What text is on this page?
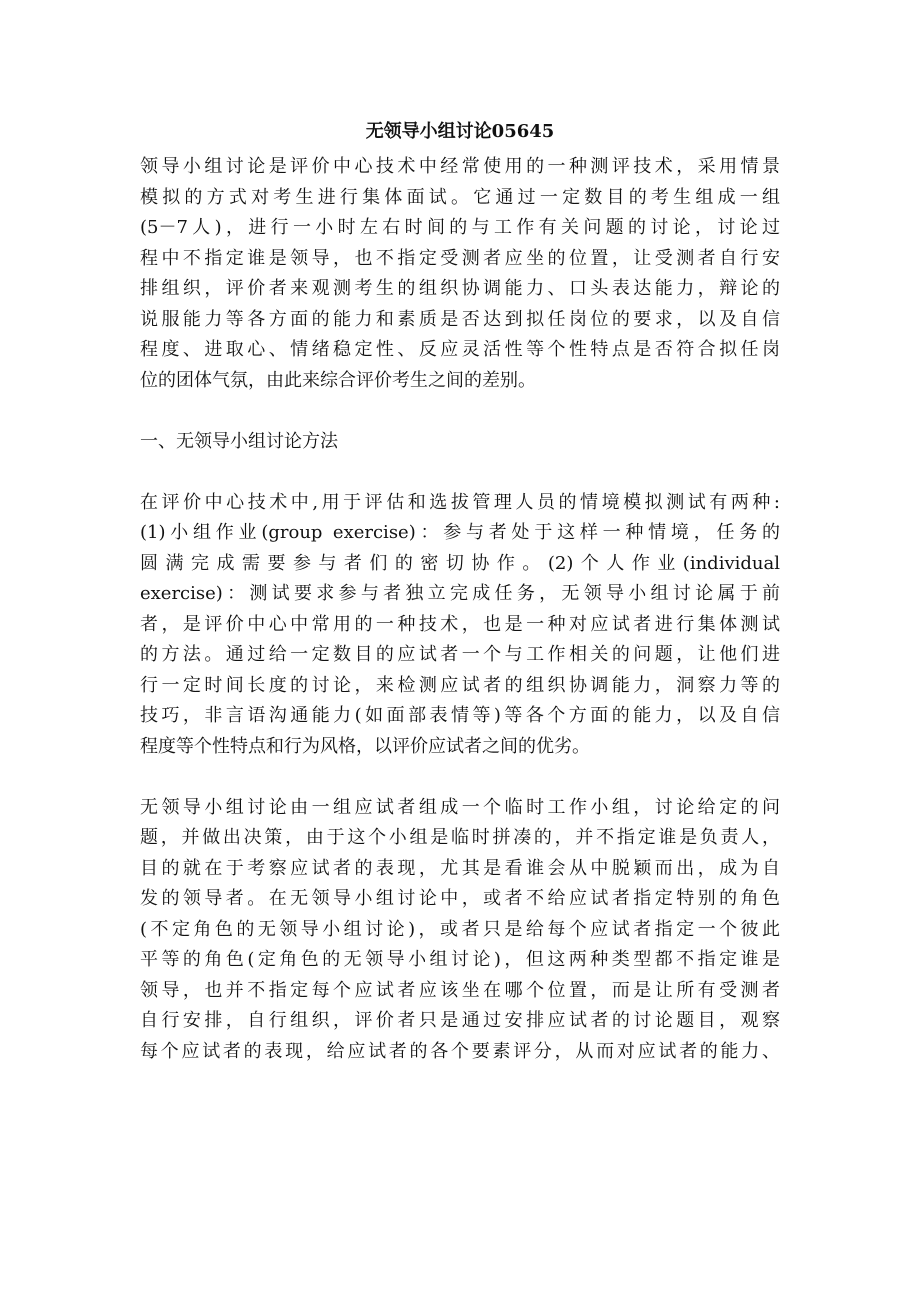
无领导小组讨论05645
领导小组讨论是评价中心技术中经常使用的一种测评技术，采用情景
模拟的方式对考生进行集体面试。它通过一定数目的考生组成一组
(5－7人)，进行一小时左右时间的与工作有关问题的讨论，讨论过
程中不指定谁是领导，也不指定受测者应坐的位置，让受测者自行安
排组织，评价者来观测考生的组织协调能力、口头表达能力，辩论的
说服能力等各方面的能力和素质是否达到拟任岗位的要求，以及自信
程度、进取心、情绪稳定性、反应灵活性等个性特点是否符合拟任岗
位的团体气氛，由此来综合评价考生之间的差别。
一、无领导小组讨论方法
在评价中心技术中,用于评估和选拔管理人员的情境模拟测试有两种:
(1)小组作业(group exercise)：参与者处于这样一种情境，任务的
圆满完成需要参与者们的密切协作。(2)个人作业(individual
exercise)：测试要求参与者独立完成任务，无领导小组讨论属于前
者，是评价中心中常用的一种技术，也是一种对应试者进行集体测试
的方法。通过给一定数目的应试者一个与工作相关的问题，让他们进
行一定时间长度的讨论，来检测应试者的组织协调能力，洞察力等的
技巧，非言语沟通能力(如面部表情等)等各个方面的能力，以及自信
程度等个性特点和行为风格，以评价应试者之间的优劣。
无领导小组讨论由一组应试者组成一个临时工作小组，讨论给定的问
题，并做出决策，由于这个小组是临时拼凑的，并不指定谁是负责人，
目的就在于考察应试者的表现，尤其是看谁会从中脱颖而出，成为自
发的领导者。在无领导小组讨论中，或者不给应试者指定特别的角色
(不定角色的无领导小组讨论)，或者只是给每个应试者指定一个彼此
平等的角色(定角色的无领导小组讨论)，但这两种类型都不指定谁是
领导，也并不指定每个应试者应该坐在哪个位置，而是让所有受测者
自行安排，自行组织，评价者只是通过安排应试者的讨论题目，观察
每个应试者的表现，给应试者的各个要素评分，从而对应试者的能力、
